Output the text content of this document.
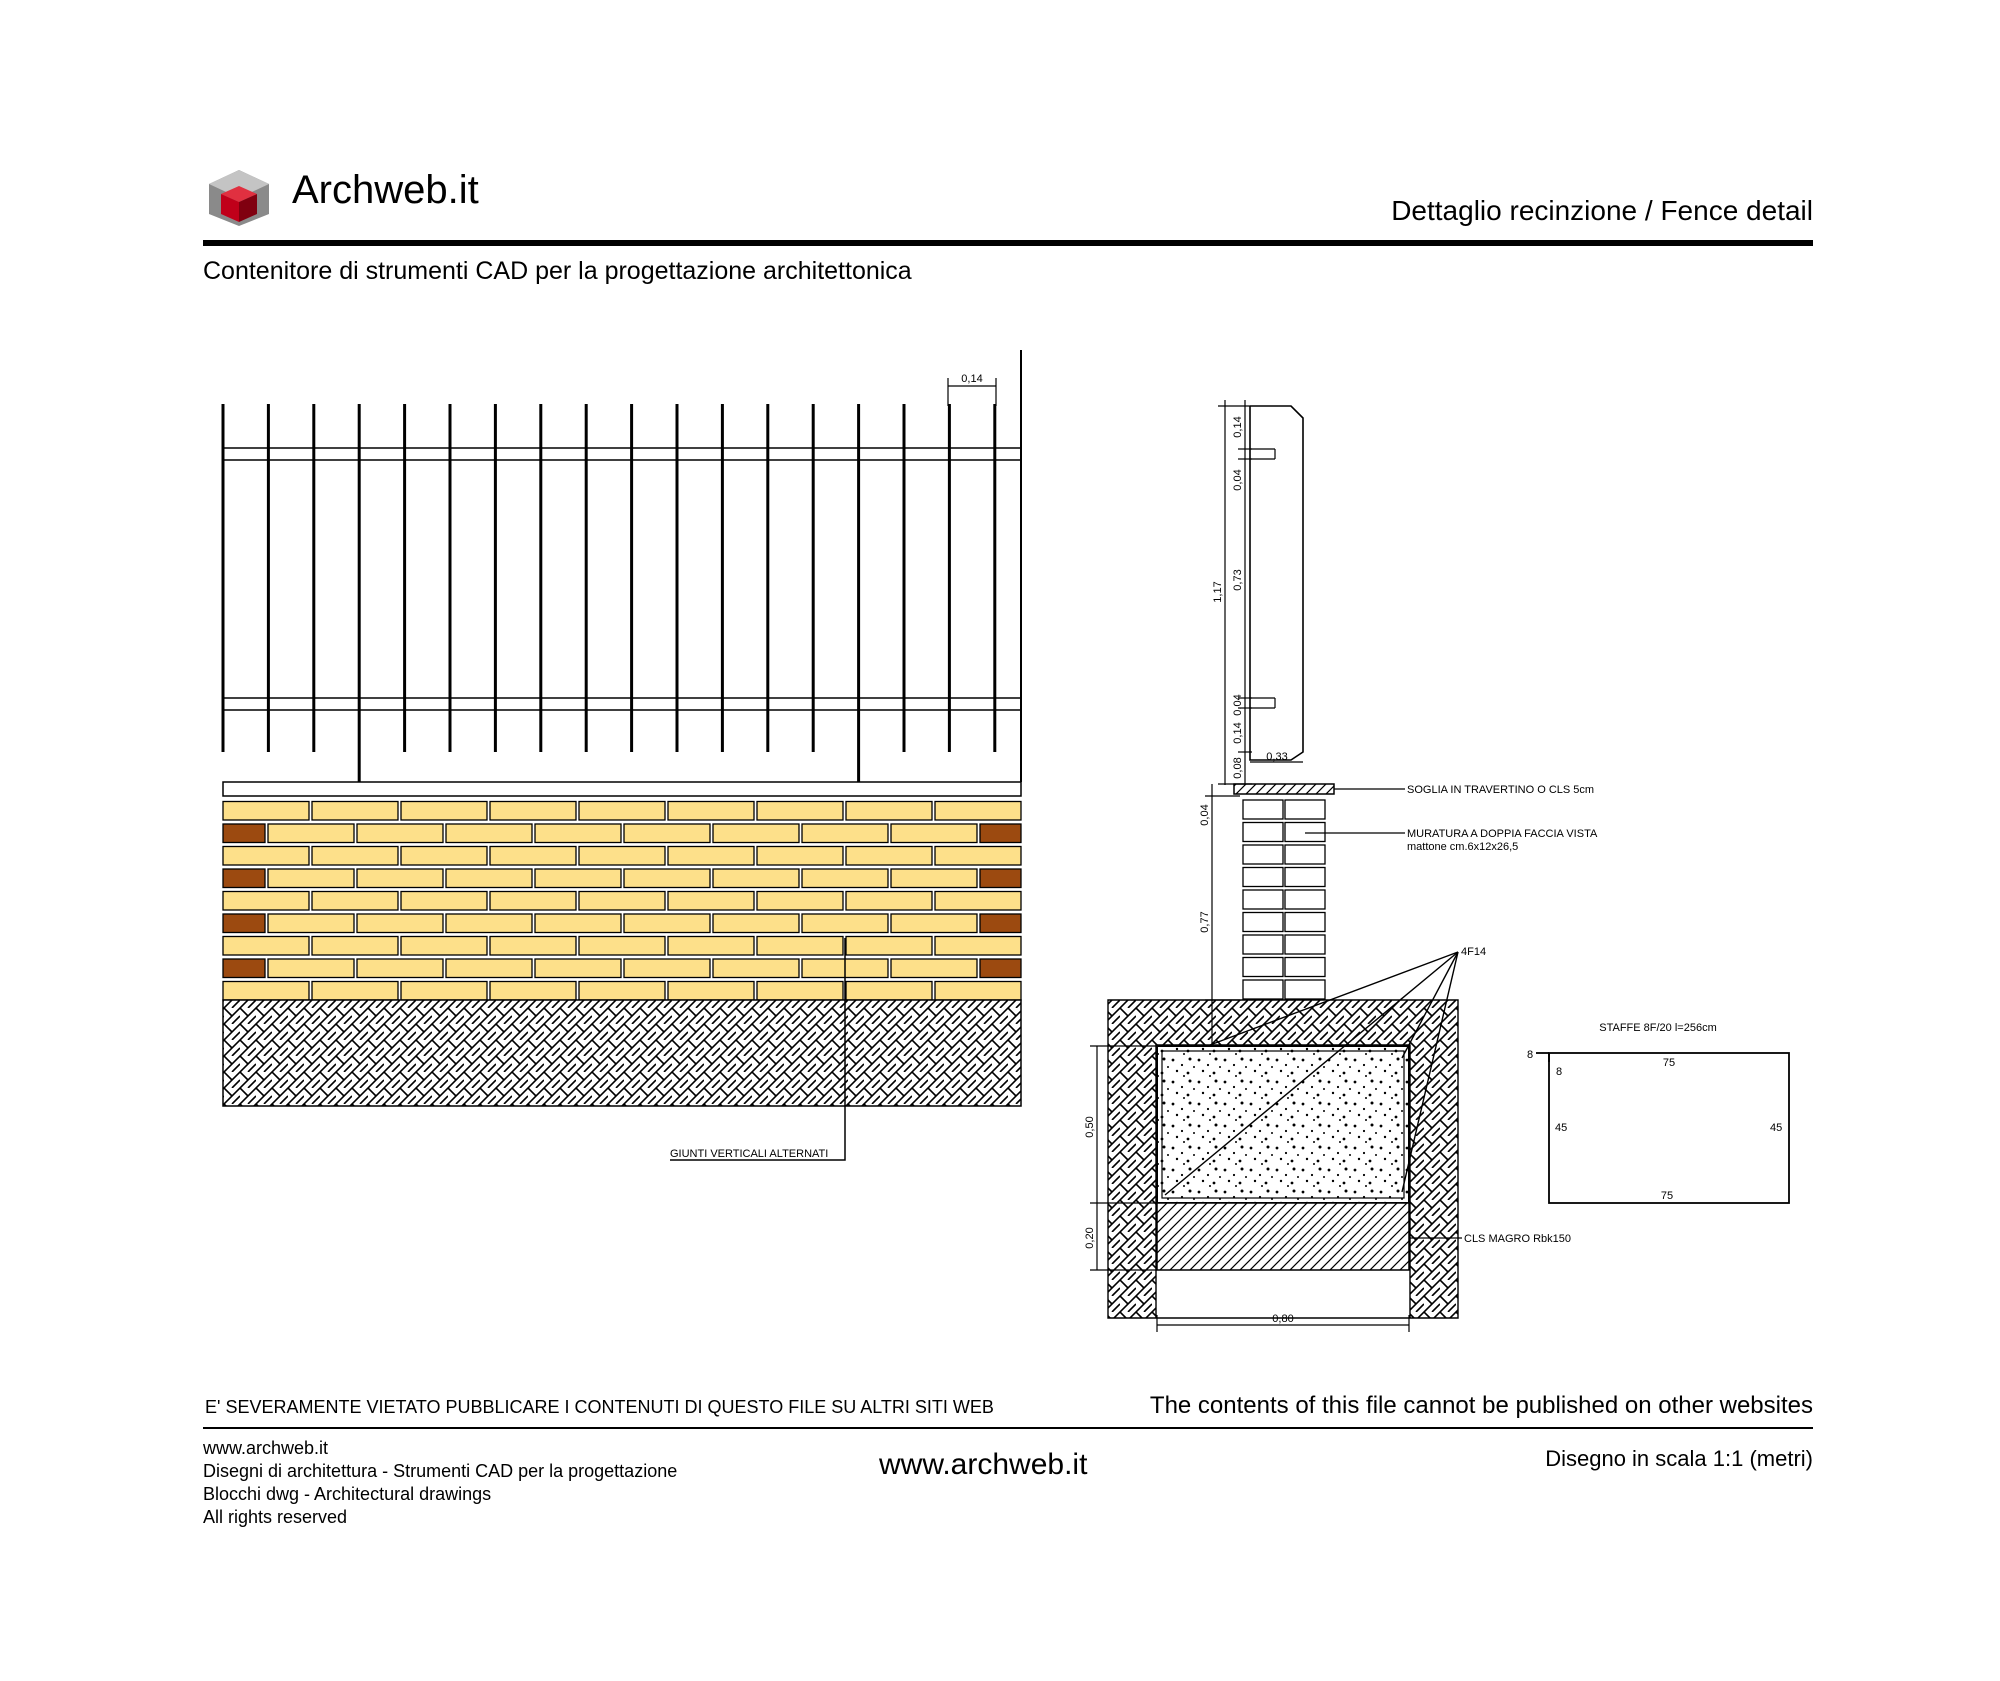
Archweb.it	Dettaglio recinzione / Fence detail
Contenitore di strumenti CAD per la progettazione architettonica
0,14
GIUNTI VERTICALI ALTERNATI
4F14
SOGLIA IN TRAVERTINO O CLS 5cm
MURATURA A DOPPIA FACCIA VISTA
mattone cm.6x12x26,5
CLS MAGRO Rbk150
0,14
0,04
0,73
0,04
0,14
1,17
0,08
0,04
0,77
0,50
0,20
0,33
0,80
STAFFE 8F/20 l=256cm
8
8
75
75
45	45
E' SEVERAMENTE VIETATO PUBBLICARE I CONTENUTI DI QUESTO FILE SU ALTRI SITI WEB	The contents of this file cannot be published on other websites
www.archweb.it
Disegni di architettura - Strumenti CAD per la progettazione
Blocchi dwg - Architectural drawings
All rights reserved
www.archweb.it	Disegno in scala 1:1 (metri)
